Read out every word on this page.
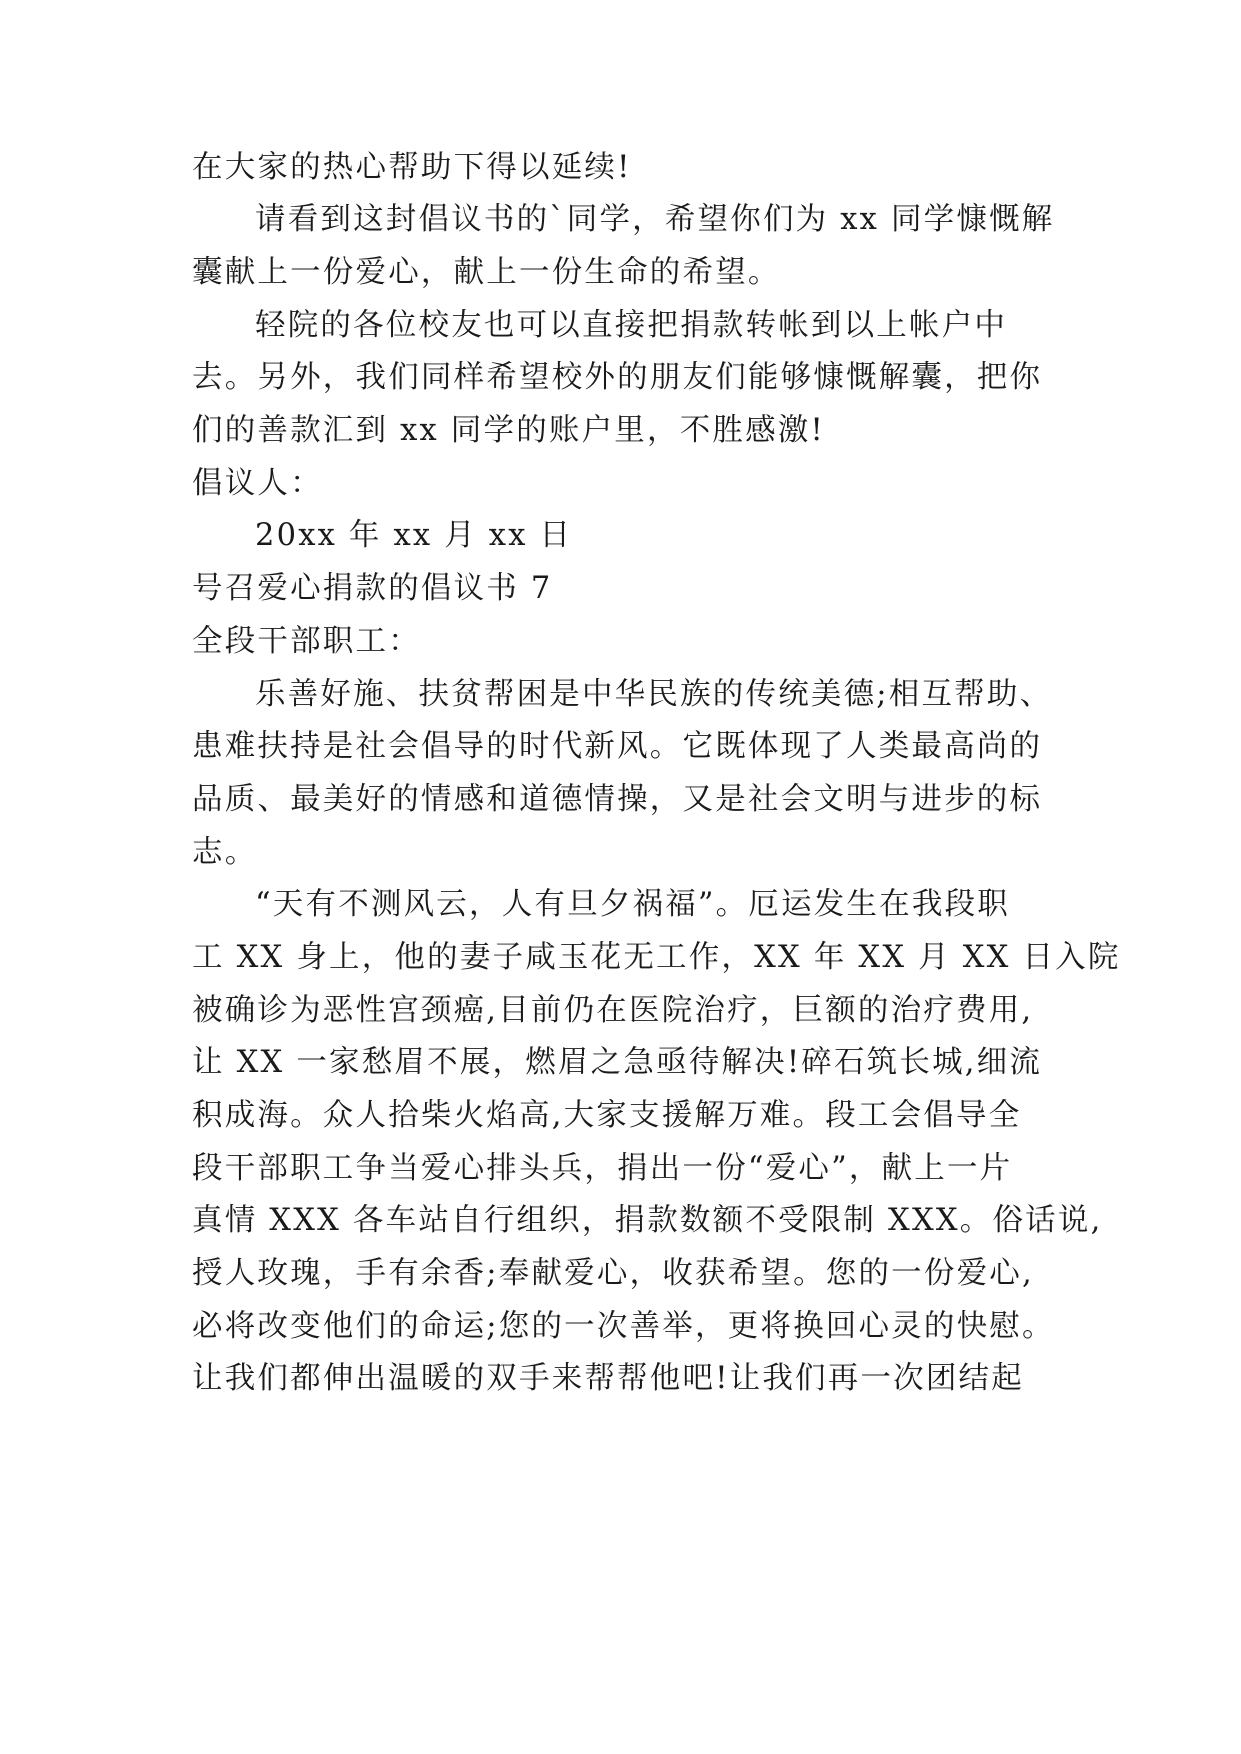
在大家的热心帮助下得以延续!

请看到这封倡议书的`同学，希望你们为 xx 同学慷慨解

囊献上一份爱心，献上一份生命的希望。

轻院的各位校友也可以直接把捐款转帐到以上帐户中

去。另外，我们同样希望校外的朋友们能够慷慨解囊，把你

们的善款汇到 xx 同学的账户里，不胜感激!

倡议人：

20xx 年 xx 月 xx 日

号召爱心捐款的倡议书 7

全段干部职工：

乐善好施、扶贫帮困是中华民族的传统美德;相互帮助、

患难扶持是社会倡导的时代新风。它既体现了人类最高尚的

品质、最美好的情感和道德情操，又是社会文明与进步的标

志。

“天有不测风云，人有旦夕祸福”。厄运发生在我段职

工 XX 身上，他的妻子咸玉花无工作，XX 年 XX 月 XX 日入院

被确诊为恶性宫颈癌,目前仍在医院治疗，巨额的治疗费用,

让 XX 一家愁眉不展，燃眉之急亟待解决!碎石筑长城,细流

积成海。众人拾柴火焰高,大家支援解万难。段工会倡导全

段干部职工争当爱心排头兵，捐出一份“爱心”，献上一片

真情 XXX 各车站自行组织，捐款数额不受限制 XXX。俗话说,

授人玫瑰，手有余香;奉献爱心，收获希望。您的一份爱心,

必将改变他们的命运;您的一次善举，更将换回心灵的快慰。

让我们都伸出温暖的双手来帮帮他吧!让我们再一次团结起
